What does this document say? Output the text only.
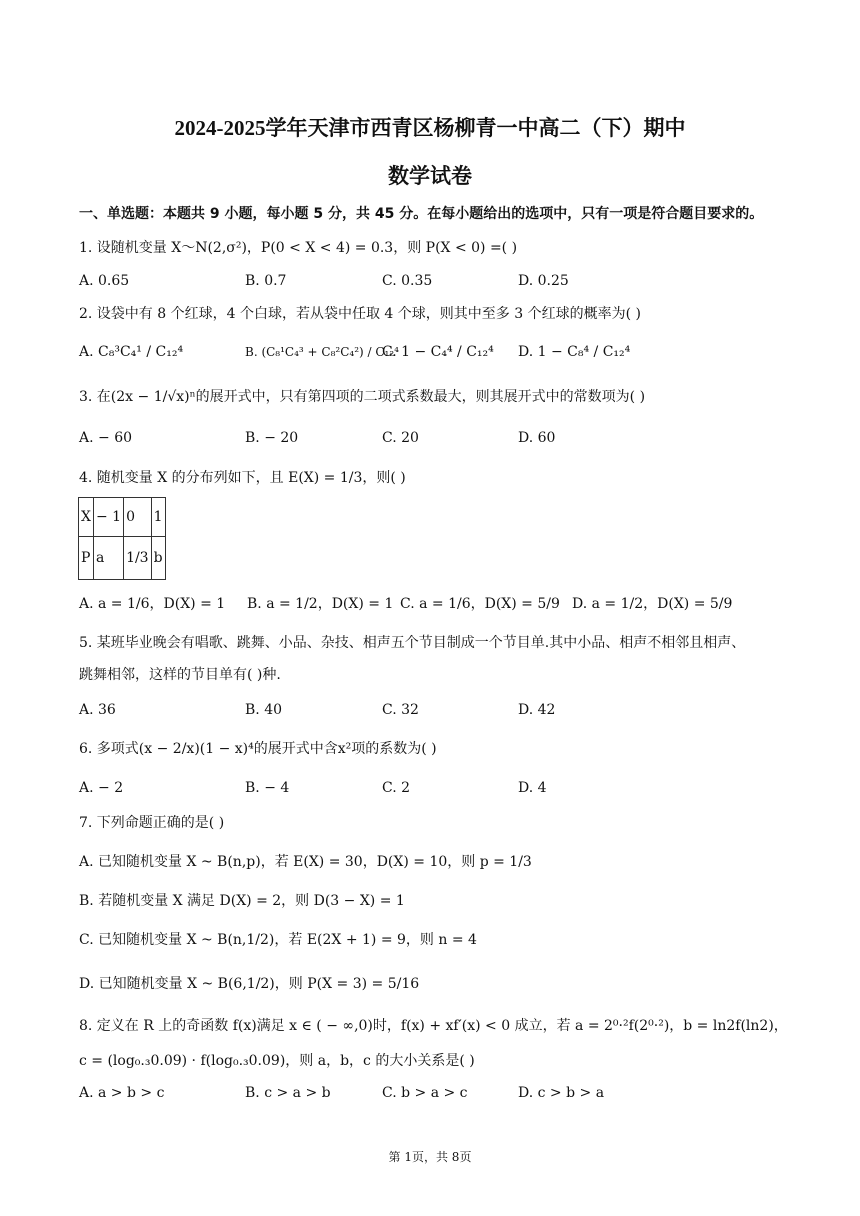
2024-2025学年天津市西青区杨柳青一中高二（下）期中
数学试卷
一、单选题：本题共 9 小题，每小题 5 分，共 45 分。在每小题给出的选项中，只有一项是符合题目要求的。
1. 设随机变量 X～N(2,σ²)，P(0 < X < 4) = 0.3，则 P(X < 0) =( )
A. 0.65	B. 0.7	C. 0.35	D. 0.25
2. 设袋中有 8 个红球，4 个白球，若从袋中任取 4 个球，则其中至多 3 个红球的概率为( )
A. C₈³C₄¹ / C₁₂⁴	B. (C₈¹C₄³ + C₈²C₄²) / C₁₂⁴
C. 1 − C₄⁴ / C₁₂⁴ D. 1 − C₈⁴ / C₁₂⁴
3. 在(2x − 1/√x)ⁿ的展开式中，只有第四项的二项式系数最大，则其展开式中的常数项为( )
A. − 60	B. − 20	C. 20	D. 60
4. 随机变量 X 的分布列如下，且 E(X) = 1/3，则( )
X	− 1	0	1
P	a	1/3	b
A. a = 1/6，D(X) = 1 B. a = 1/2，D(X) = 1 C. a = 1/6，D(X) = 5/9 D. a = 1/2，D(X) = 5/9
5. 某班毕业晚会有唱歌、跳舞、小品、杂技、相声五个节目制成一个节目单.其中小品、相声不相邻且相声、
跳舞相邻，这样的节目单有( )种.
A. 36	B. 40	C. 32	D. 42
6. 多项式(x − 2/x)(1 − x)⁴的展开式中含x²项的系数为( )
A. − 2	B. − 4	C. 2	D. 4
7. 下列命题正确的是( )
A. 已知随机变量 X ~ B(n,p)，若 E(X) = 30，D(X) = 10，则 p = 1/3
B. 若随机变量 X 满足 D(X) = 2，则 D(3 − X) = 1
C. 已知随机变量 X ~ B(n,1/2)，若 E(2X + 1) = 9，则 n = 4
D. 已知随机变量 X ~ B(6,1/2)，则 P(X = 3) = 5/16
8. 定义在 R 上的奇函数 f(x)满足 x ∈ ( − ∞,0)时，f(x) + xf′(x) < 0 成立，若 a = 2⁰·²f(2⁰·²)，b = ln2f(ln2)，
c = (log₀.₃0.09) · f(log₀.₃0.09)，则 a，b，c 的大小关系是( )
A. a > b > c	B. c > a > b	C. b > a > c	D. c > b > a
第 1页，共 8页
